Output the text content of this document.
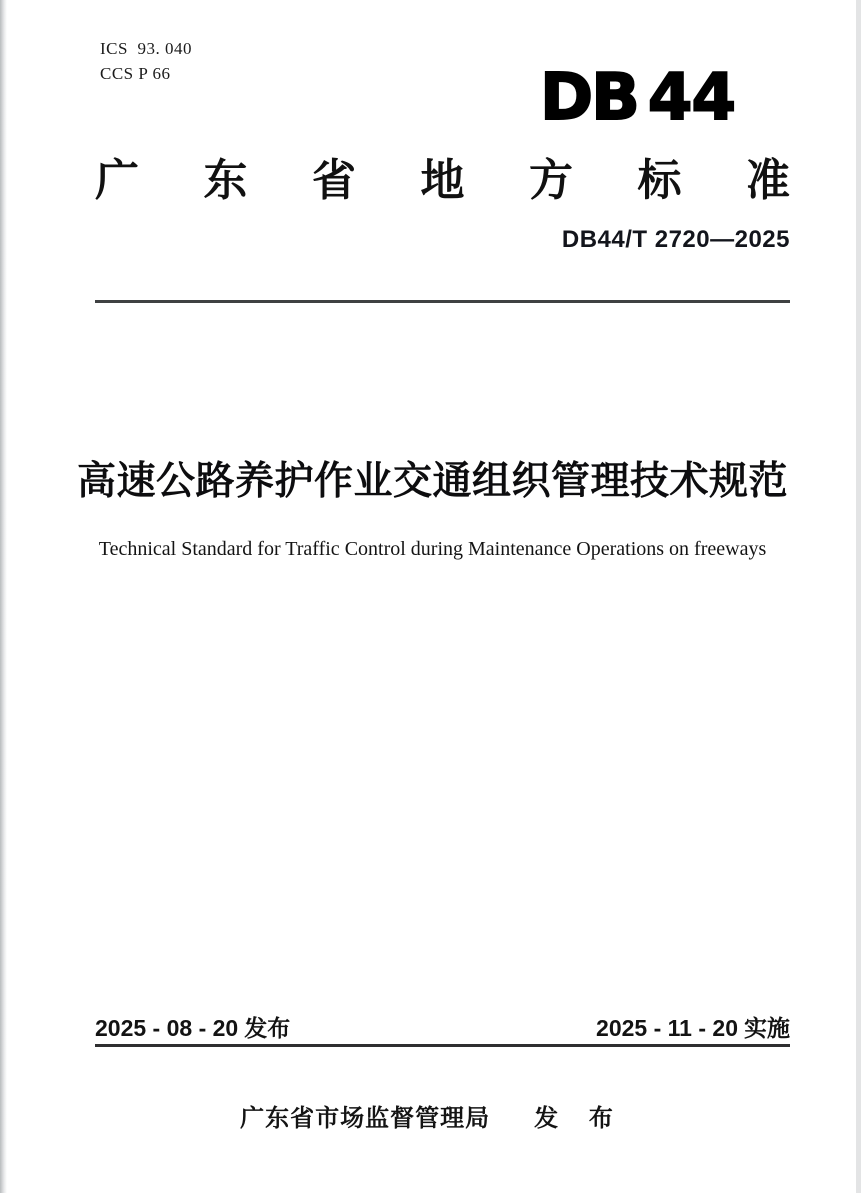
ICS  93. 040
CCS P 66	DB 44
广 东 省 地 方 标 准
DB44/T 2720—2025
高速公路养护作业交通组织管理技术规范
Technical Standard for Traffic Control during Maintenance Operations on freeways
2025 - 08 - 20 发布	2025 - 11 - 20 实施
广东省市场监督管理局 发 布
